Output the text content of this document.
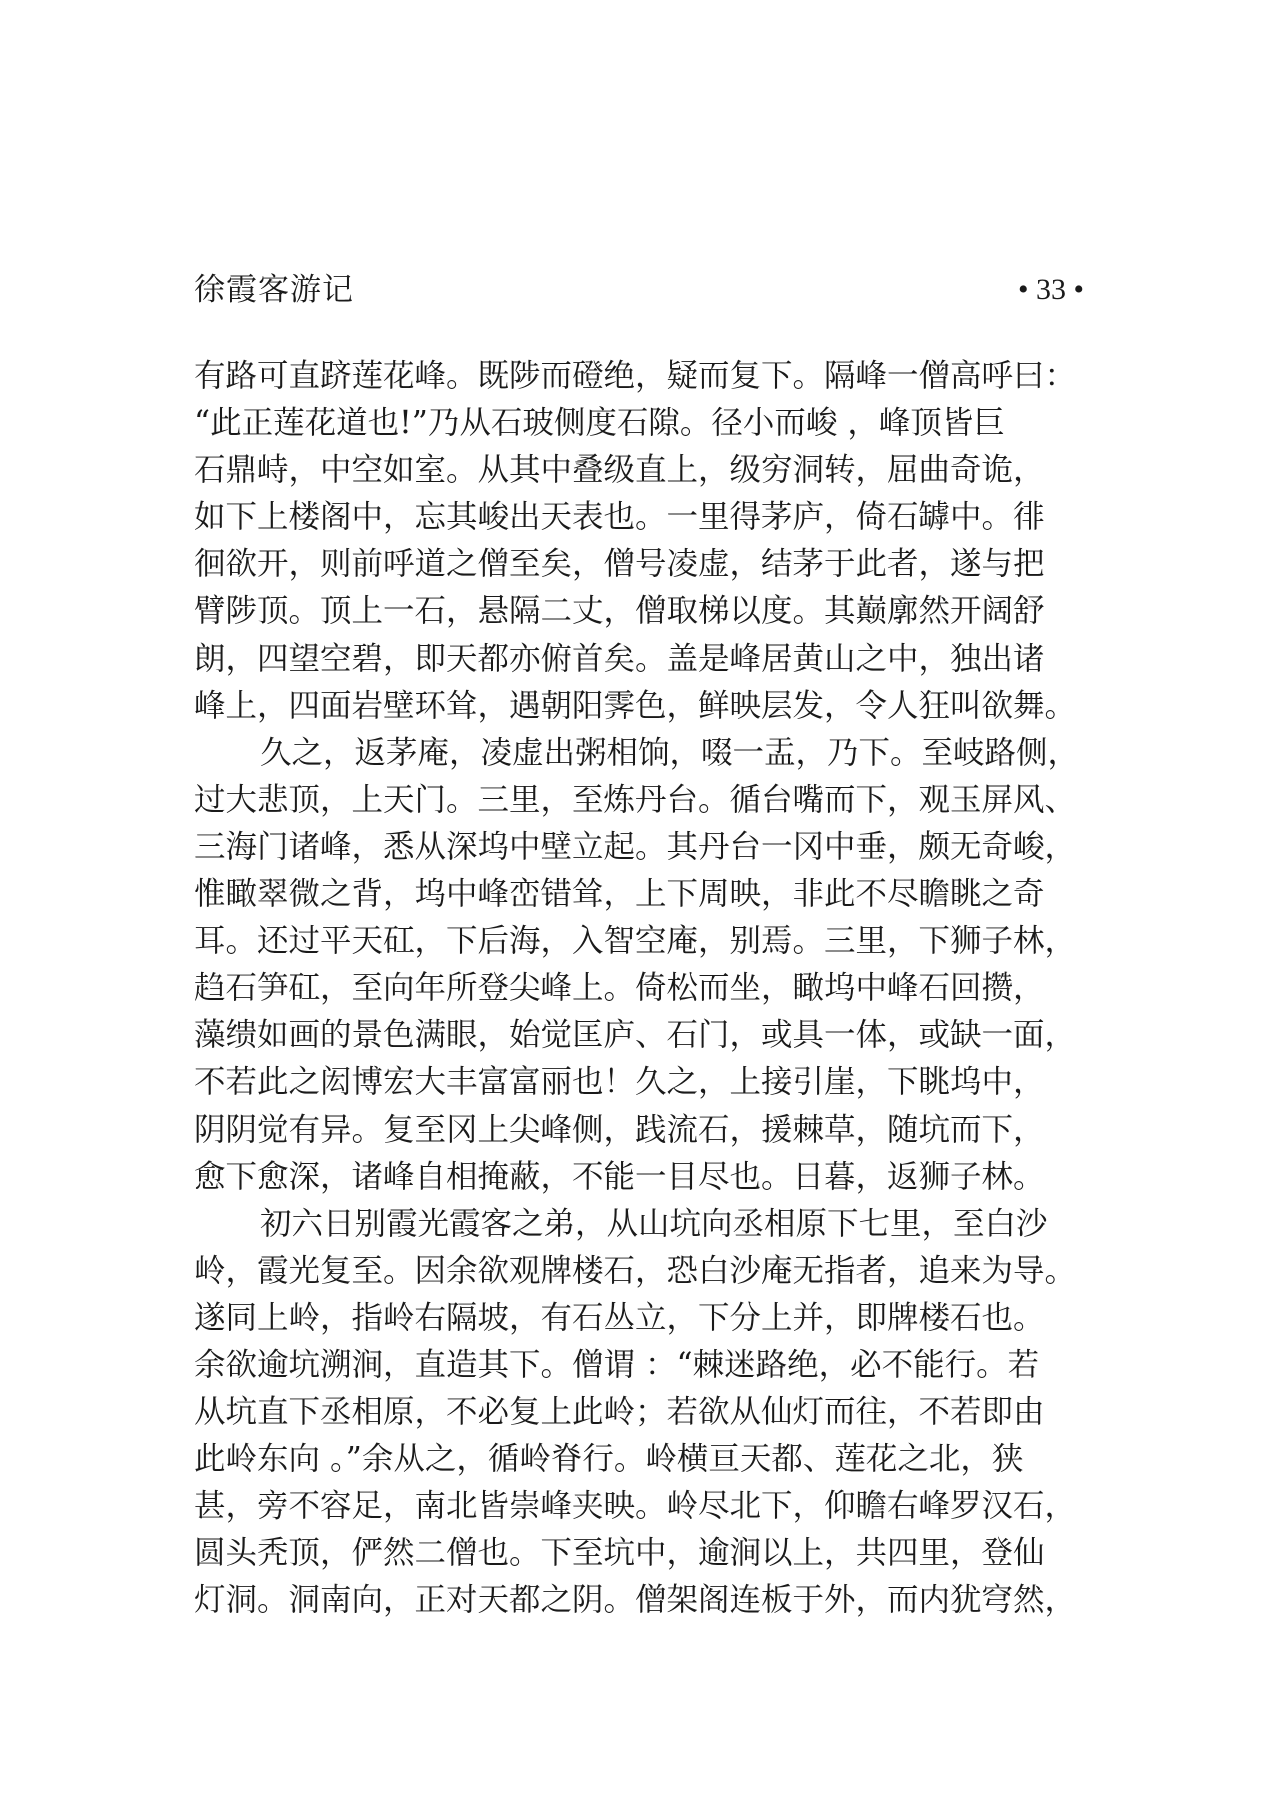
徐霞客游记	• 33 •
有路可直跻莲花峰。既陟而磴绝，疑而复下。隔峰一僧高呼曰：
“此正莲花道也!”乃从石玻侧度石隙。径小而峻 ，峰顶皆巨
石鼎峙，中空如室。从其中叠级直上，级穷洞转，屈曲奇诡，
如下上楼阁中，忘其峻出天表也。一里得茅庐，倚石罅中。徘
徊欲开，则前呼道之僧至矣，僧号凌虚，结茅于此者，遂与把
臂陟顶。顶上一石，悬隔二丈，僧取梯以度。其巅廓然开阔舒
朗，四望空碧，即天都亦俯首矣。盖是峰居黄山之中，独出诸
峰上，四面岩壁环耸，遇朝阳霁色，鲜映层发，令人狂叫欲舞。
久之，返茅庵，凌虚出粥相饷，啜一盂，乃下。至岐路侧，
过大悲顶，上天门。三里，至炼丹台。循台嘴而下，观玉屏风、
三海门诸峰，悉从深坞中壁立起。其丹台一冈中垂，颇无奇峻，
惟瞰翠微之背，坞中峰峦错耸，上下周映，非此不尽瞻眺之奇
耳。还过平天矼，下后海，入智空庵，别焉。三里，下狮子林，
趋石笋矼，至向年所登尖峰上。倚松而坐，瞰坞中峰石回攒，
藻缋如画的景色满眼，始觉匡庐、石门，或具一体，或缺一面，
不若此之闳博宏大丰富富丽也！久之，上接引崖，下眺坞中，
阴阴觉有异。复至冈上尖峰侧，践流石，援棘草，随坑而下，
愈下愈深，诸峰自相掩蔽，不能一目尽也。日暮，返狮子林。
初六日别霞光霞客之弟，从山坑向丞相原下七里，至白沙
岭，霞光复至。因余欲观牌楼石，恐白沙庵无指者，追来为导。
遂同上岭，指岭右隔坡，有石丛立，下分上并，即牌楼石也。
余欲逾坑溯涧，直造其下。僧谓 ：“棘迷路绝，必不能行。若
从坑直下丞相原，不必复上此岭；若欲从仙灯而往，不若即由
此岭东向 。”余从之，循岭脊行。岭横亘天都、莲花之北，狭
甚，旁不容足，南北皆崇峰夹映。岭尽北下，仰瞻右峰罗汉石，
圆头秃顶，俨然二僧也。下至坑中，逾涧以上，共四里，登仙
灯洞。洞南向，正对天都之阴。僧架阁连板于外，而内犹穹然，
